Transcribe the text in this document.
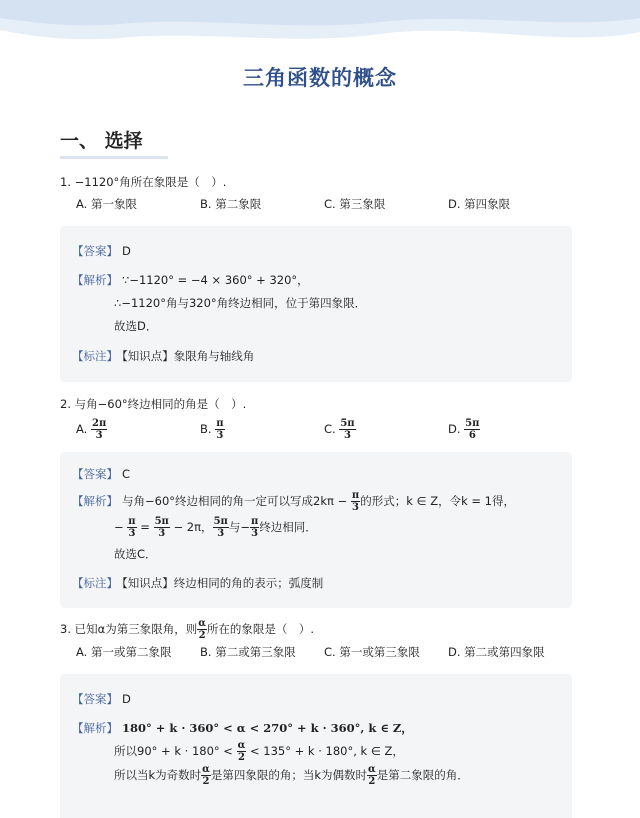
三角函数的概念
一、 选择
1. −1120°角所在象限是（　）.
A. 第一象限	B. 第二象限	C. 第三象限	D. 第四象限
【答案】 D
【解析】 ∵−1120° = −4 × 360° + 320°，
∴−1120°角与320°角终边相同，位于第四象限．
故选D．
【标注】 【知识点】象限角与轴线角
2. 与角−60°终边相同的角是（　）.
A. $\frac{2\pi}{3}$	B. $\frac{\pi}{3}$	C. $\frac{5\pi}{3}$	D. $\frac{5\pi}{6}$
【答案】 C
【解析】 与角−60°终边相同的角一定可以写成$2k\pi - \frac{\pi}{3}$ 的形式；k ∈ Z，令k = 1得，
− $\frac{\pi}{3} = \frac{5\pi}{3} - 2\pi$， $\frac{5\pi}{3}$ 与− $\frac{\pi}{3}$ 终边相同．
故选C．
【标注】 【知识点】终边相同的角的表示；弧度制
3. 已知α为第三象限角，则 $\frac{\alpha}{2}$ 所在的象限是（　）.
A. 第一或第二象限 B. 第二或第三象限 C. 第一或第三象限 D. 第二或第四象限
【答案】 D
【解析】 180° + k · 360° < α < 270° + k · 360°, k ∈ Z，
所以$90^\circ + k \cdot 180^\circ < \frac{\alpha}{2} < 135^\circ + k \cdot 180^\circ$, k ∈ Z，
所以当k为奇数时 $\frac{\alpha}{2}$ 是第四象限的角；当k为偶数时 $\frac{\alpha}{2}$ 是第二象限的角．
